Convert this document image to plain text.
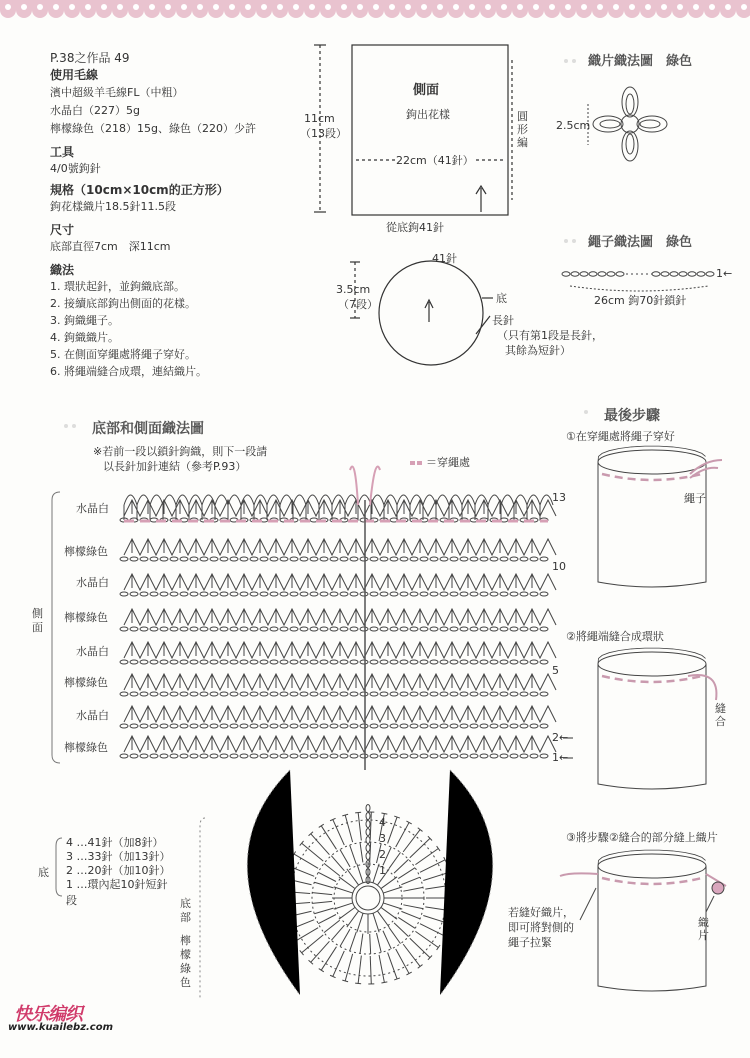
P.38之作品 49
使用毛線
濱中超級羊毛線FL（中粗）
水晶白（227）5g
檸檬綠色（218）15g、綠色（220）少許
工具
4/0號鉤針
規格（10cm×10cm的正方形）
鉤花樣織片18.5針11.5段
尺寸
底部直徑7cm　深11cm
織法
1. 環狀起針，並鉤織底部。
2. 接續底部鉤出側面的花樣。
3. 鉤織繩子。
4. 鉤織織片。
5. 在側面穿繩處將繩子穿好。
6. 將繩端縫合成環，連結織片。
側面
鉤出花樣	圓形編
11cm
（13段）
22cm（41針）
從底鉤41針
41針
3.5cm
（7段）	底
長針
（只有第1段是長針，
其餘為短針）
織片織法圖　綠色
2.5cm
繩子織法圖　綠色
1←
26cm 鉤70針鎖針
底部和側面織法圖
※若前一段以鎖針鉤織，則下一段請
以長針加針連結（參考P.93）	＝穿繩處
水晶白
檸檬綠色
水晶白
檸檬綠色
水晶白
檸檬綠色
水晶白
檸檬綠色
13
10
5
2←
1←
側
面
底
4 …41針（加8針）
3 …33針（加13針）
2 …20針（加10針）
1 …環內起10針短針
段	底
部
檸檬綠色
4
3
2
1
最後步驟
①在穿繩處將繩子穿好
②將繩端縫合成環狀
③將步驟②縫合的部分縫上織片
繩子
縫合
若縫好織片，
即可將對側的
繩子拉緊
織片
快乐编织
www.kuailebz.com
